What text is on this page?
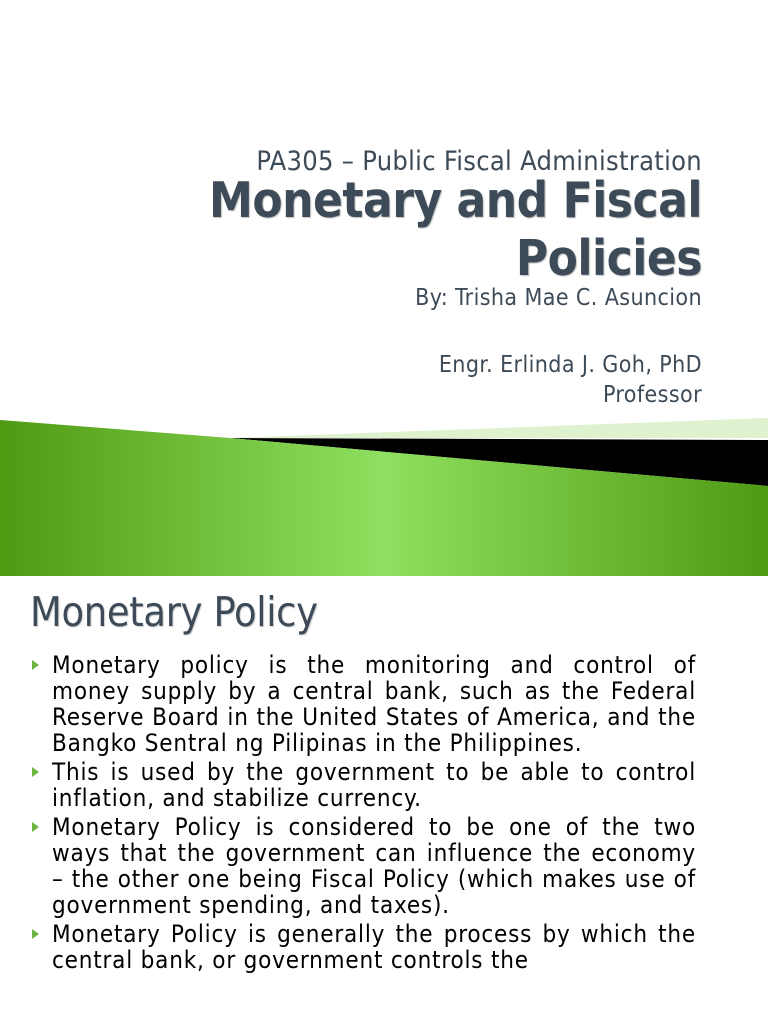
PA305 – Public Fiscal Administration
Monetary and Fiscal
Policies
By: Trisha Mae C. Asuncion
Engr. Erlinda J. Goh, PhD
Professor
Monetary Policy
Monetary policy is the monitoring and control of money supply by a central bank, such as the Federal Reserve Board in the United States of America, and the Bangko Sentral ng Pilipinas in the Philippines.
This is used by the government to be able to control inflation, and stabilize currency.
Monetary Policy is considered to be one of the two ways that the government can influence the economy – the other one being Fiscal Policy (which makes use of government spending, and taxes).
Monetary Policy is generally the process by which the central bank, or government controls the
